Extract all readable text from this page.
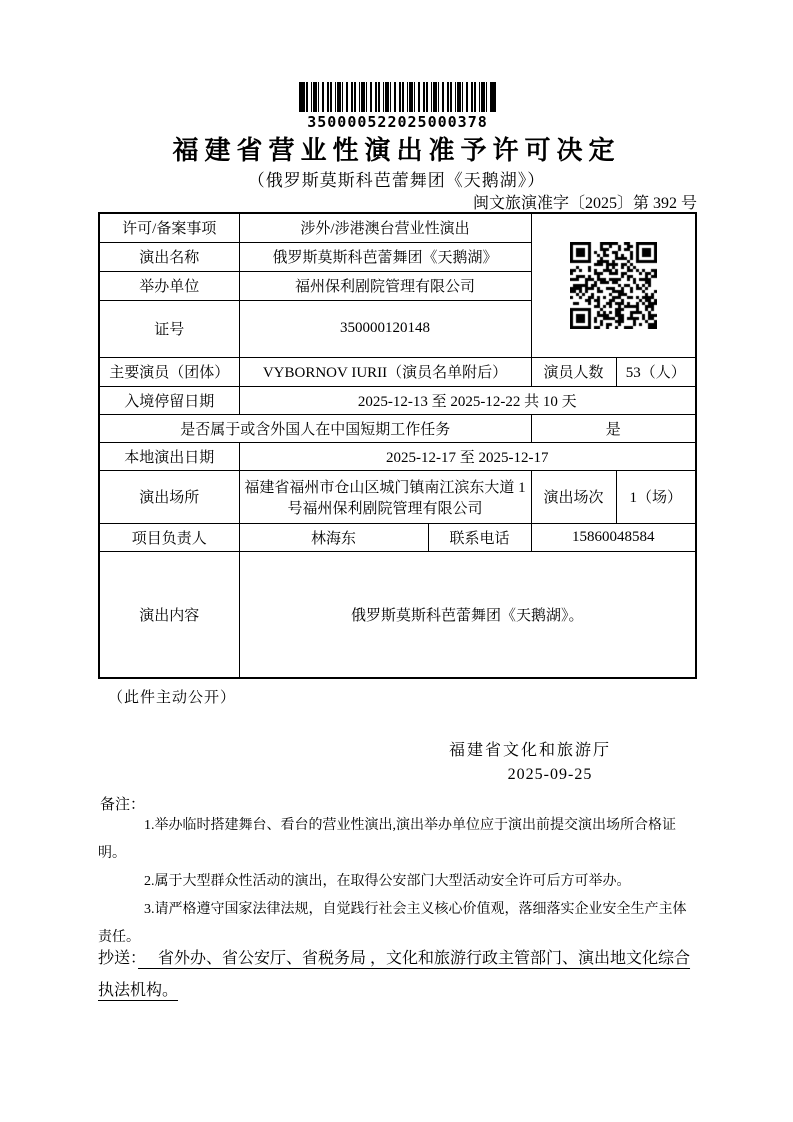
350000522025000378
福建省营业性演出准予许可决定
（俄罗斯莫斯科芭蕾舞团《天鹅湖》）
闽文旅演准字〔2025〕第 392 号
许可/备案事项	涉外/涉港澳台营业性演出	

演出名称	俄罗斯莫斯科芭蕾舞团《天鹅湖》			
举办单位	福州保利剧院管理有限公司			
证号	350000120148			
主要演员（团体）	VYBORNOV IURII（演员名单附后）		演员人数	53（人）
入境停留日期	2025-12-13 至 2025-12-22 共 10 天			
是否属于或含外国人在中国短期工作任务			是	
本地演出日期	2025-12-17 至 2025-12-17			
演出场所	福建省福州市仓山区城门镇南江滨东大道 1 号福州保利剧院管理有限公司		演出场次	1（场）
项目负责人	林海东	联系电话	15860048584	
演出内容	俄罗斯莫斯科芭蕾舞团《天鹅湖》。			
（此件主动公开）
福建省文化和旅游厅
2025-09-25
备注：

1.举办临时搭建舞台、看台的营业性演出,演出举办单位应于演出前提交演出场所合格证明。

2.属于大型群众性活动的演出，在取得公安部门大型活动安全许可后方可举办。

3.请严格遵守国家法律法规，自觉践行社会主义核心价值观，落细落实企业安全生产主体责任。

抄送：　 省外办、省公安厅、省税务局 ，文化和旅游行政主管部门、演出地文化综合执法机构。
